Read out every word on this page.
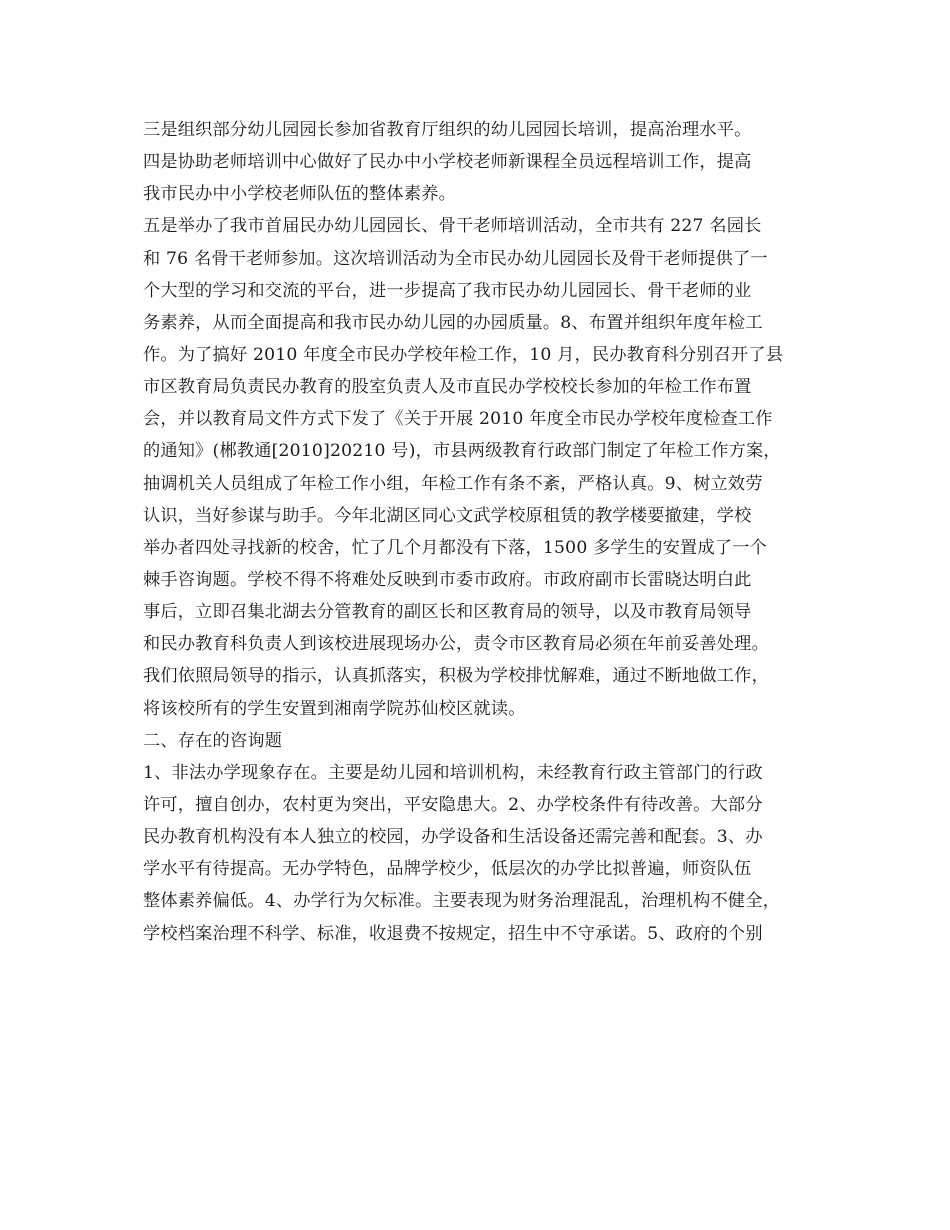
三是组织部分幼儿园园长参加省教育厅组织的幼儿园园长培训，提高治理水平。
四是协助老师培训中心做好了民办中小学校老师新课程全员远程培训工作，提高
我市民办中小学校老师队伍的整体素养。
五是举办了我市首届民办幼儿园园长、骨干老师培训活动，全市共有 227 名园长
和 76 名骨干老师参加。这次培训活动为全市民办幼儿园园长及骨干老师提供了一
个大型的学习和交流的平台，进一步提高了我市民办幼儿园园长、骨干老师的业
务素养，从而全面提高和我市民办幼儿园的办园质量。8、布置并组织年度年检工
作。为了搞好 2010 年度全市民办学校年检工作，10 月，民办教育科分别召开了县
市区教育局负责民办教育的股室负责人及市直民办学校校长参加的年检工作布置
会，并以教育局文件方式下发了《关于开展 2010 年度全市民办学校年度检查工作
的通知》(郴教通[2010]20210 号)，市县两级教育行政部门制定了年检工作方案，
抽调机关人员组成了年检工作小组，年检工作有条不紊，严格认真。9、树立效劳
认识，当好参谋与助手。今年北湖区同心文武学校原租赁的教学楼要撤建，学校
举办者四处寻找新的校舍，忙了几个月都没有下落，1500 多学生的安置成了一个
棘手咨询题。学校不得不将难处反映到市委市政府。市政府副市长雷晓达明白此
事后，立即召集北湖去分管教育的副区长和区教育局的领导，以及市教育局领导
和民办教育科负责人到该校进展现场办公，责令市区教育局必须在年前妥善处理。
我们依照局领导的指示，认真抓落实，积极为学校排忧解难，通过不断地做工作，
将该校所有的学生安置到湘南学院苏仙校区就读。
二、存在的咨询题
1、非法办学现象存在。主要是幼儿园和培训机构，未经教育行政主管部门的行政
许可，擅自创办，农村更为突出，平安隐患大。2、办学校条件有待改善。大部分
民办教育机构没有本人独立的校园，办学设备和生活设备还需完善和配套。3、办
学水平有待提高。无办学特色，品牌学校少，低层次的办学比拟普遍，师资队伍
整体素养偏低。4、办学行为欠标准。主要表现为财务治理混乱，治理机构不健全，
学校档案治理不科学、标准，收退费不按规定，招生中不守承诺。5、政府的个别
